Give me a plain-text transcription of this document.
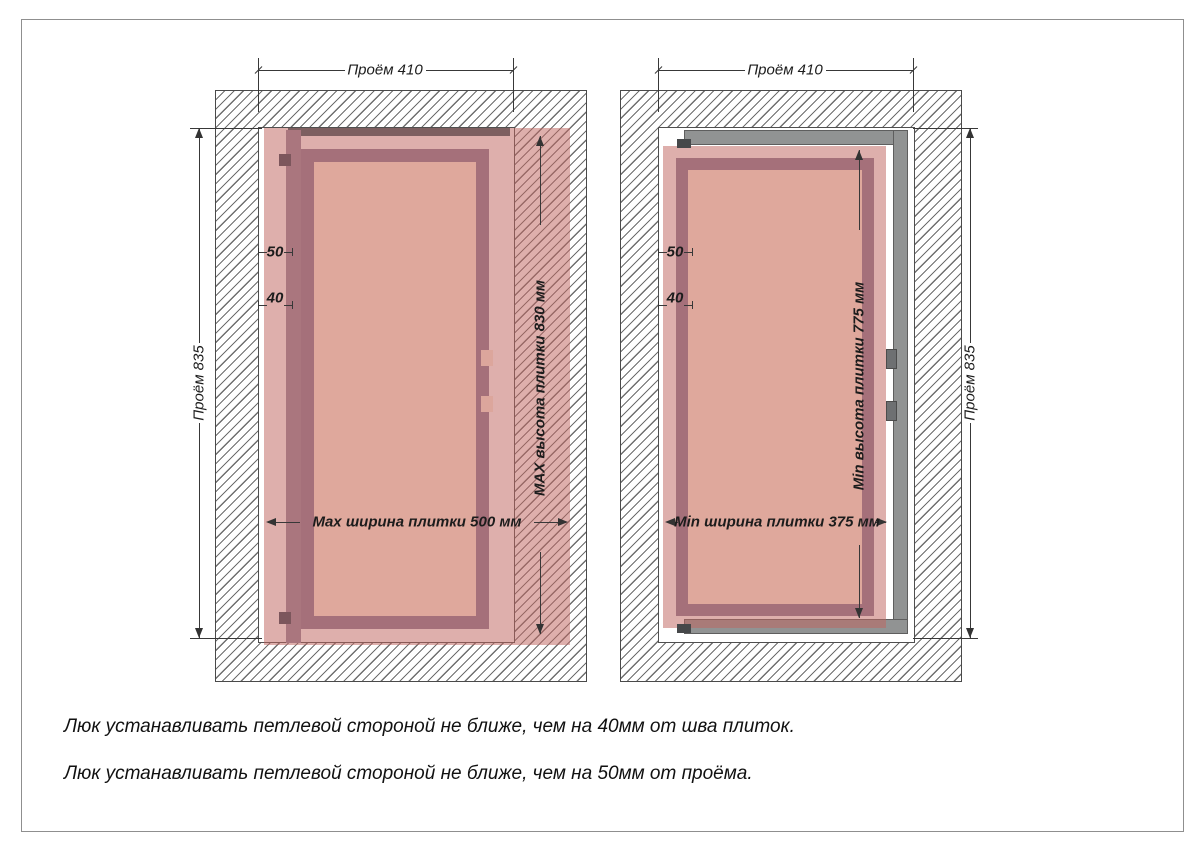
Проём 410
Проём 835
50
40	MAX высота плитки 830 мм
Max ширина плитки 500 мм
Проём 410
Проём 835
50
40	Min высота плитки 775 мм
Min ширина плитки 375 мм
Люк устанавливать петлевой стороной не ближе, чем на 40мм от шва плиток.
Люк устанавливать петлевой стороной не ближе, чем на 50мм от проёма.
